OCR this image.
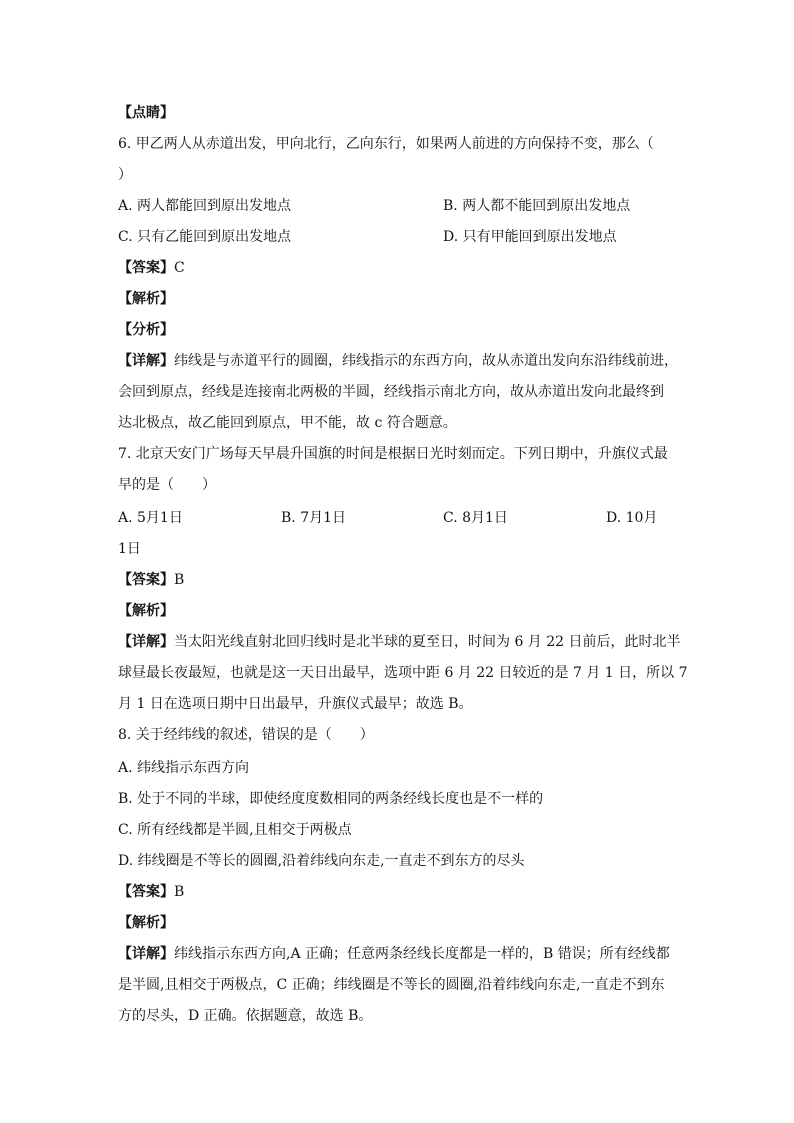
【点睛】
6. 甲乙两人从赤道出发，甲向北行，乙向东行，如果两人前进的方向保持不变，那么（
）
A. 两人都能回到原出发地点	B. 两人都不能回到原出发地点
C. 只有乙能回到原出发地点	D. 只有甲能回到原出发地点
【答案】C
【解析】
【分析】
【详解】纬线是与赤道平行的圆圈，纬线指示的东西方向，故从赤道出发向东沿纬线前进，
会回到原点，经线是连接南北两极的半圆，经线指示南北方向，故从赤道出发向北最终到
达北极点，故乙能回到原点，甲不能，故 c 符合题意。
7. 北京天安门广场每天早晨升国旗的时间是根据日光时刻而定。下列日期中，升旗仪式最
早的是（　　）
A. 5月1日	B. 7月1日	C. 8月1日	D. 10月
1日
【答案】B
【解析】
【详解】当太阳光线直射北回归线时是北半球的夏至日，时间为 6 月 22 日前后，此时北半
球昼最长夜最短，也就是这一天日出最早，选项中距 6 月 22 日较近的是 7 月 1 日，所以 7
月 1 日在选项日期中日出最早，升旗仪式最早；故选 B。
8. 关于经纬线的叙述，错误的是（　　）
A. 纬线指示东西方向
B. 处于不同的半球，即使经度度数相同的两条经线长度也是不一样的
C. 所有经线都是半圆,且相交于两极点
D. 纬线圈是不等长的圆圈,沿着纬线向东走,一直走不到东方的尽头
【答案】B
【解析】
【详解】纬线指示东西方向,A 正确；任意两条经线长度都是一样的，B 错误；所有经线都
是半圆,且相交于两极点，C 正确；纬线圈是不等长的圆圈,沿着纬线向东走,一直走不到东
方的尽头，D 正确。依据题意，故选 B。
